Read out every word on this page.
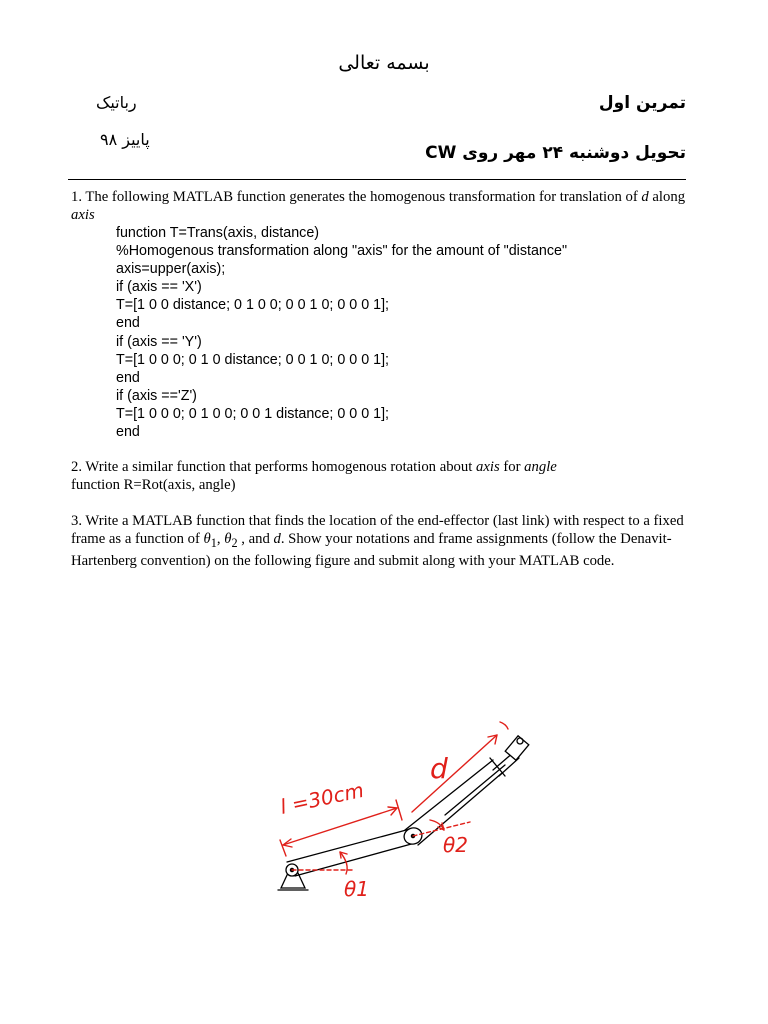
بسمه تعالی
تمرین اول
رباتیک
پاییز ۹۸
تحویل دوشنبه ۲۴ مهر روی CW
1. The following MATLAB function generates the homogenous transformation for translation of d along
axis
function T=Trans(axis, distance)
%Homogenous transformation along "axis" for the amount of "distance"
axis=upper(axis);
if (axis == 'X')
T=[1 0 0 distance; 0 1 0 0; 0 0 1 0; 0 0 0 1];
end
if (axis == 'Y')
T=[1 0 0 0; 0 1 0 distance; 0 0 1 0; 0 0 0 1];
end
if (axis =='Z')
T=[1 0 0 0; 0 1 0 0; 0 0 1 distance; 0 0 0 1];
end
2. Write a similar function that performs homogenous rotation about axis for angle
function R=Rot(axis, angle)
3. Write a MATLAB function that finds the location of the end-effector (last link) with respect to a fixed frame as a function of $\theta_1$, $\theta_2$ , and d. Show your notations and frame assignments (follow the Denavit-Hartenberg convention) on the following figure and submit along with your MATLAB code.
l =30cm
d
θ1
θ2
